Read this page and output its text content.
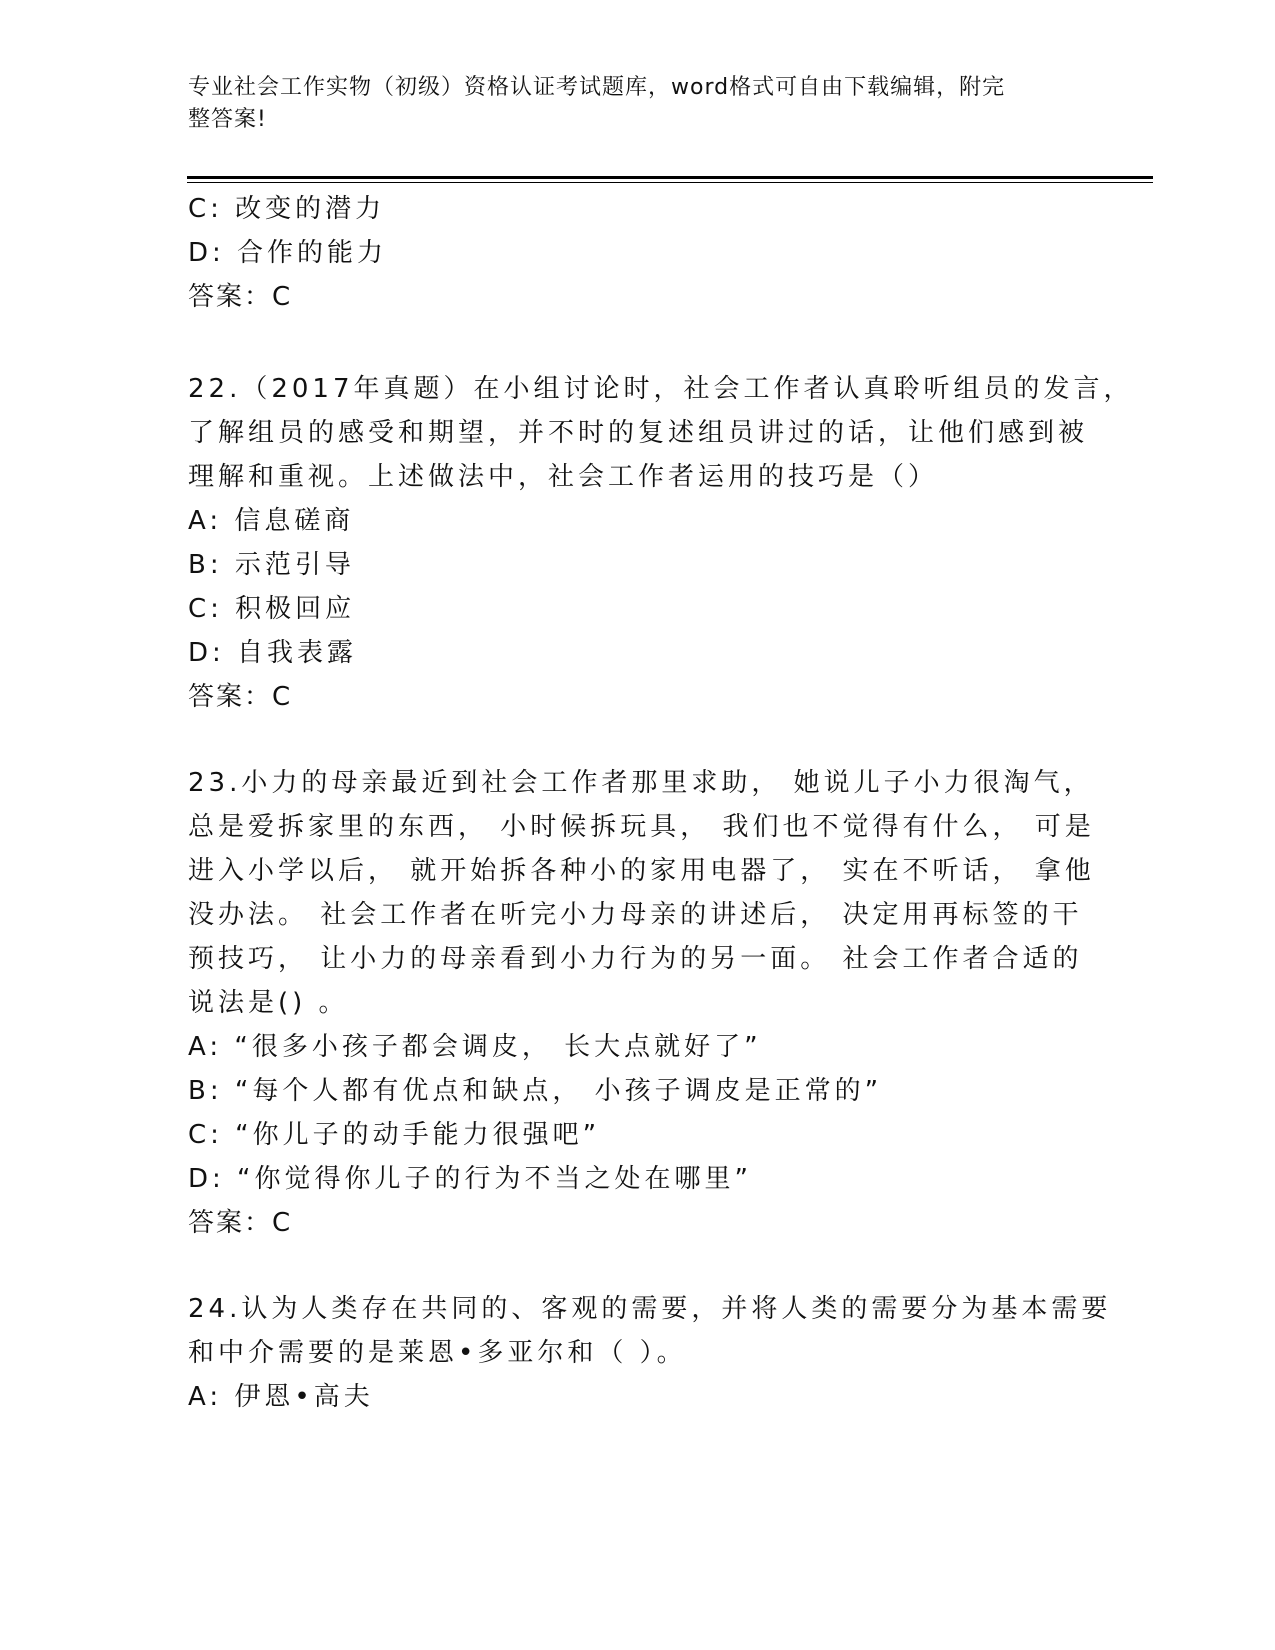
专业社会工作实物（初级）资格认证考试题库，word格式可自由下载编辑，附完
整答案!
C: 改变的潜力
D: 合作的能力
答案：C
22.（2017年真题）在小组讨论时，社会工作者认真聆听组员的发言，
了解组员的感受和期望，并不时的复述组员讲过的话，让他们感到被
理解和重视。上述做法中，社会工作者运用的技巧是（）
A: 信息磋商
B: 示范引导
C: 积极回应
D: 自我表露
答案：C
23.小力的母亲最近到社会工作者那里求助， 她说儿子小力很淘气，
总是爱拆家里的东西， 小时候拆玩具， 我们也不觉得有什么， 可是
进入小学以后， 就开始拆各种小的家用电器了， 实在不听话， 拿他
没办法。 社会工作者在听完小力母亲的讲述后， 决定用再标签的干
预技巧， 让小力的母亲看到小力行为的另一面。 社会工作者合适的
说法是() 。
A: “很多小孩子都会调皮， 长大点就好了”
B: “每个人都有优点和缺点， 小孩子调皮是正常的”
C: “你儿子的动手能力很强吧”
D: “你觉得你儿子的行为不当之处在哪里”
答案：C
24.认为人类存在共同的、客观的需要，并将人类的需要分为基本需要
和中介需要的是莱恩•多亚尔和（ ）。
A: 伊恩•高夫
